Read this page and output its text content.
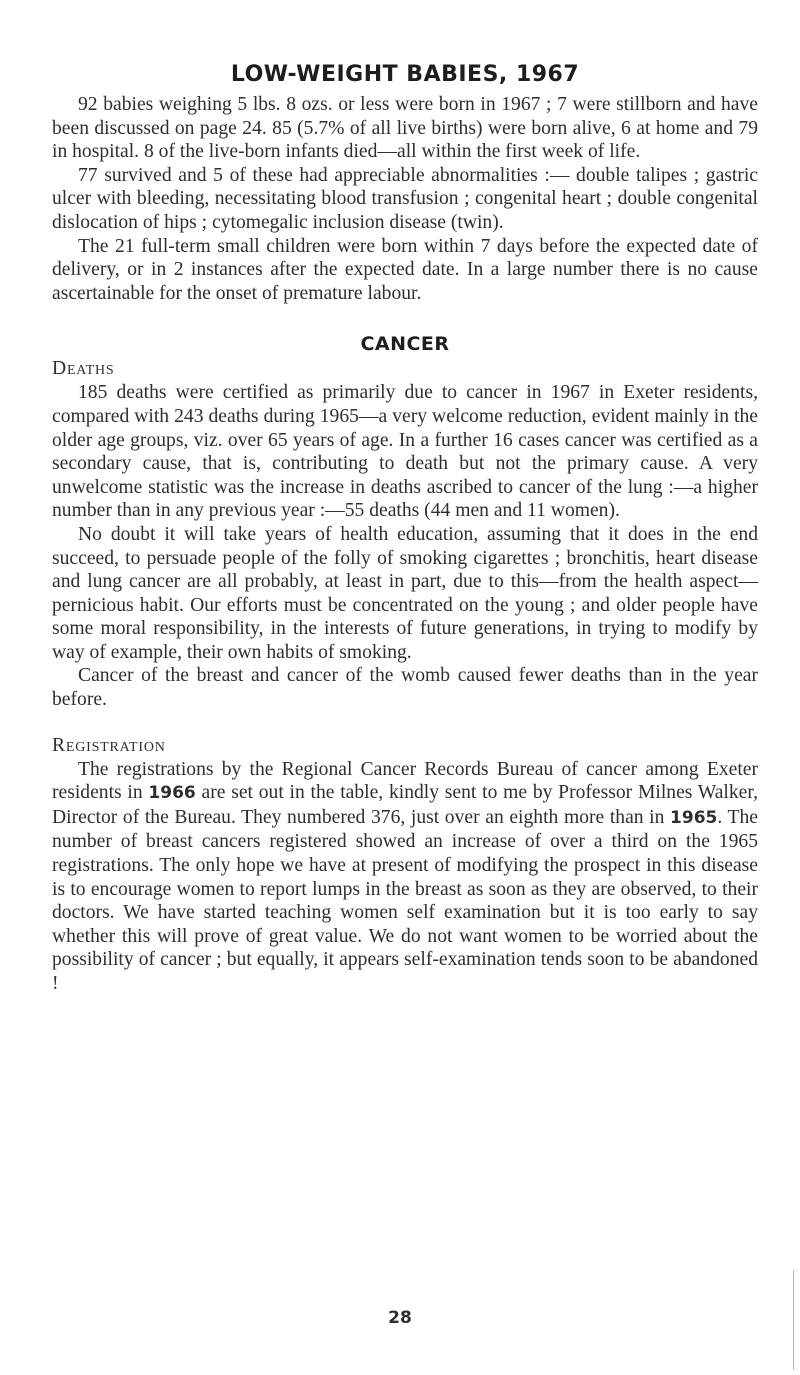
LOW-WEIGHT BABIES, 1967

92 babies weighing 5 lbs. 8 ozs. or less were born in 1967 ; 7 were stillborn and have been discussed on page 24. 85 (5.7% of all live births) were born alive, 6 at home and 79 in hospital. 8 of the live-born infants died—all within the first week of life.

77 survived and 5 of these had appreciable abnormalities :— double talipes ; gastric ulcer with bleeding, necessitating blood transfusion ; congenital heart ; double congenital dislocation of hips ; cytomegalic inclusion disease (twin).

The 21 full-term small children were born within 7 days before the expected date of delivery, or in 2 instances after the expected date. In a large number there is no cause ascertainable for the onset of premature labour.

CANCER
Deaths

185 deaths were certified as primarily due to cancer in 1967 in Exeter residents, compared with 243 deaths during 1965—a very welcome reduction, evident mainly in the older age groups, viz. over 65 years of age. In a further 16 cases cancer was certified as a secondary cause, that is, contributing to death but not the primary cause. A very unwelcome statistic was the increase in deaths ascribed to cancer of the lung :—a higher number than in any previous year :—55 deaths (44 men and 11 women).

No doubt it will take years of health education, assuming that it does in the end succeed, to persuade people of the folly of smoking cigarettes ; bronchitis, heart disease and lung cancer are all probably, at least in part, due to this—from the health aspect—pernicious habit. Our efforts must be concentrated on the young ; and older people have some moral responsibility, in the interests of future generations, in trying to modify by way of example, their own habits of smoking.

Cancer of the breast and cancer of the womb caused fewer deaths than in the year before.

Registration

The registrations by the Regional Cancer Records Bureau of cancer among Exeter residents in 1966 are set out in the table, kindly sent to me by Professor Milnes Walker, Director of the Bureau. They numbered 376, just over an eighth more than in 1965. The number of breast cancers registered showed an increase of over a third on the 1965 registrations. The only hope we have at present of modifying the prospect in this disease is to encourage women to report lumps in the breast as soon as they are observed, to their doctors. We have started teaching women self examination but it is too early to say whether this will prove of great value. We do not want women to be worried about the possibility of cancer ; but equally, it appears self-examination tends soon to be abandoned !

28
